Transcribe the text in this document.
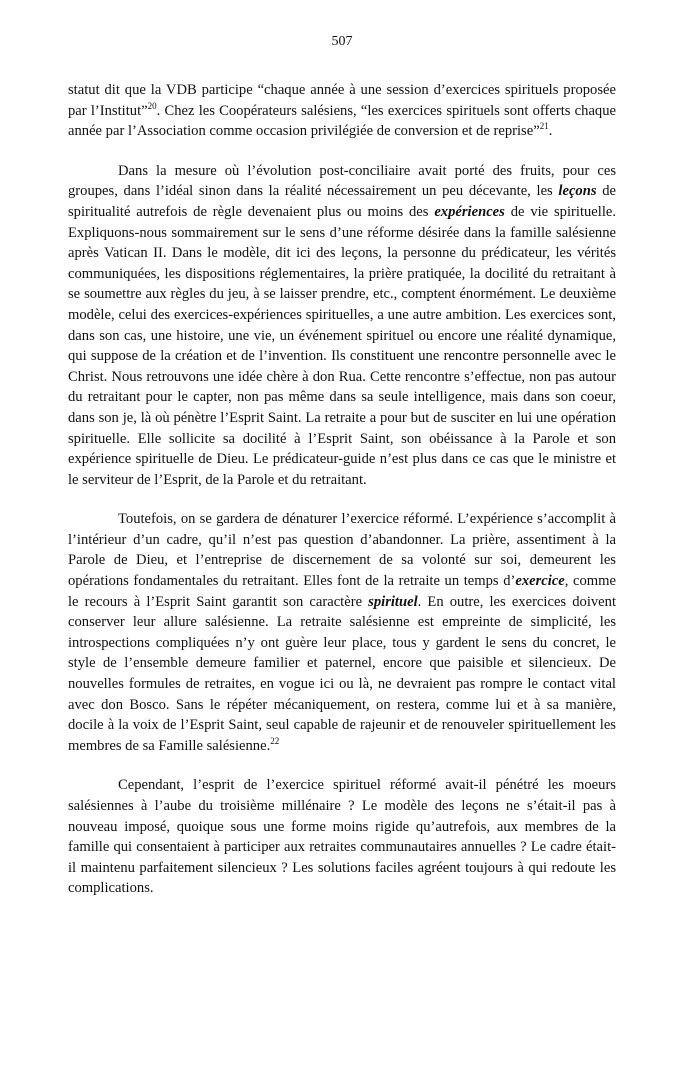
507

statut dit que la VDB participe “chaque année à une session d’exercices spirituels proposée par l’Institut”$^{20}$. Chez les Coopérateurs salésiens, “les exercices spirituels sont offerts chaque année par l’Association comme occasion privilégiée de conversion et de reprise”$^{21}$.

Dans la mesure où l’évolution post-conciliaire avait porté des fruits, pour ces groupes, dans l’idéal sinon dans la réalité nécessairement un peu décevante, les leçons de spiritualité autrefois de règle devenaient plus ou moins des expériences de vie spirituelle. Expliquons-nous sommairement sur le sens d’une réforme désirée dans la famille salésienne après Vatican II. Dans le modèle, dit ici des leçons, la personne du prédicateur, les vérités communiquées, les dispositions réglementaires, la prière pratiquée, la docilité du retraitant à se soumettre aux règles du jeu, à se laisser prendre, etc., comptent énormément. Le deuxième modèle, celui des exercices-expériences spirituelles, a une autre ambition. Les exercices sont, dans son cas, une histoire, une vie, un événement spirituel ou encore une réalité dynamique, qui suppose de la création et de l’invention. Ils constituent une rencontre personnelle avec le Christ. Nous retrouvons une idée chère à don Rua. Cette rencontre s’effectue, non pas autour du retraitant pour le capter, non pas même dans sa seule intelligence, mais dans son coeur, dans son je, là où pénètre l’Esprit Saint. La retraite a pour but de susciter en lui une opération spirituelle. Elle sollicite sa docilité à l’Esprit Saint, son obéissance à la Parole et son expérience spirituelle de Dieu. Le prédicateur-guide n’est plus dans ce cas que le ministre et le serviteur de l’Esprit, de la Parole et du retraitant.

Toutefois, on se gardera de dénaturer l’exercice réformé. L’expérience s’accomplit à l’intérieur d’un cadre, qu’il n’est pas question d’abandonner. La prière, assentiment à la Parole de Dieu, et l’entreprise de discernement de sa volonté sur soi, demeurent les opérations fondamentales du retraitant. Elles font de la retraite un temps d’exercice, comme le recours à l’Esprit Saint garantit son caractère spirituel. En outre, les exercices doivent conserver leur allure salésienne. La retraite salésienne est empreinte de simplicité, les introspections compliquées n’y ont guère leur place, tous y gardent le sens du concret, le style de l’ensemble demeure familier et paternel, encore que paisible et silencieux. De nouvelles formules de retraites, en vogue ici ou là, ne devraient pas rompre le contact vital avec don Bosco. Sans le répéter mécaniquement, on restera, comme lui et à sa manière, docile à la voix de l’Esprit Saint, seul capable de rajeunir et de renouveler spirituellement les membres de sa Famille salésienne.$^{22}$

Cependant, l’esprit de l’exercice spirituel réformé avait-il pénétré les moeurs salésiennes à l’aube du troisième millénaire ? Le modèle des leçons ne s’était-il pas à nouveau imposé, quoique sous une forme moins rigide qu’autrefois, aux membres de la famille qui consentaient à participer aux retraites communautaires annuelles ? Le cadre était-il maintenu parfaitement silencieux ? Les solutions faciles agréent toujours à qui redoute les complications.
